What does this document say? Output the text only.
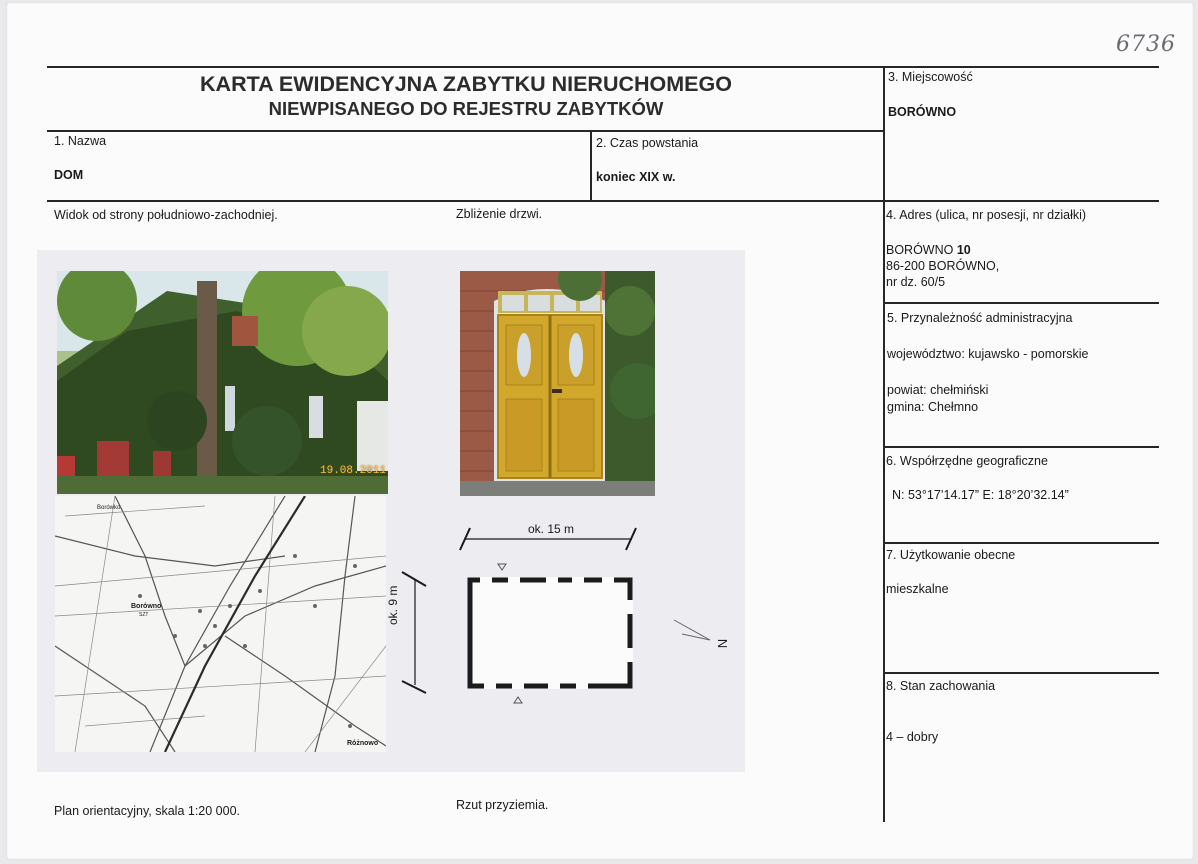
6736
KARTA EWIDENCYJNA ZABYTKU NIERUCHOMEGO
NIEWPISANEGO DO REJESTRU ZABYTKÓW
1. Nazwa
DOM
2. Czas powstania
koniec XIX w.
3. Miejscowość
BORÓWNO
4. Adres (ulica, nr posesji, nr działki)
BORÓWNO 10
86-200 BORÓWNO,
nr dz. 60/5
5. Przynależność administracyjna
województwo: kujawsko - pomorskie
powiat: chełmiński
gmina: Chełmno
6. Współrzędne geograficzne
N: 53°17’14.17” E: 18°20’32.14”
7. Użytkowanie obecne
mieszkalne
8. Stan zachowania
4 – dobry
Widok od strony południowo-zachodniej.	Zbliżenie drzwi.
Plan orientacyjny, skala 1:20 000.	Rzut przyziemia.
19.08.2011
Borówno
SZT
Borówko
Różnowo
ok. 15 m
ok. 9 m
N
